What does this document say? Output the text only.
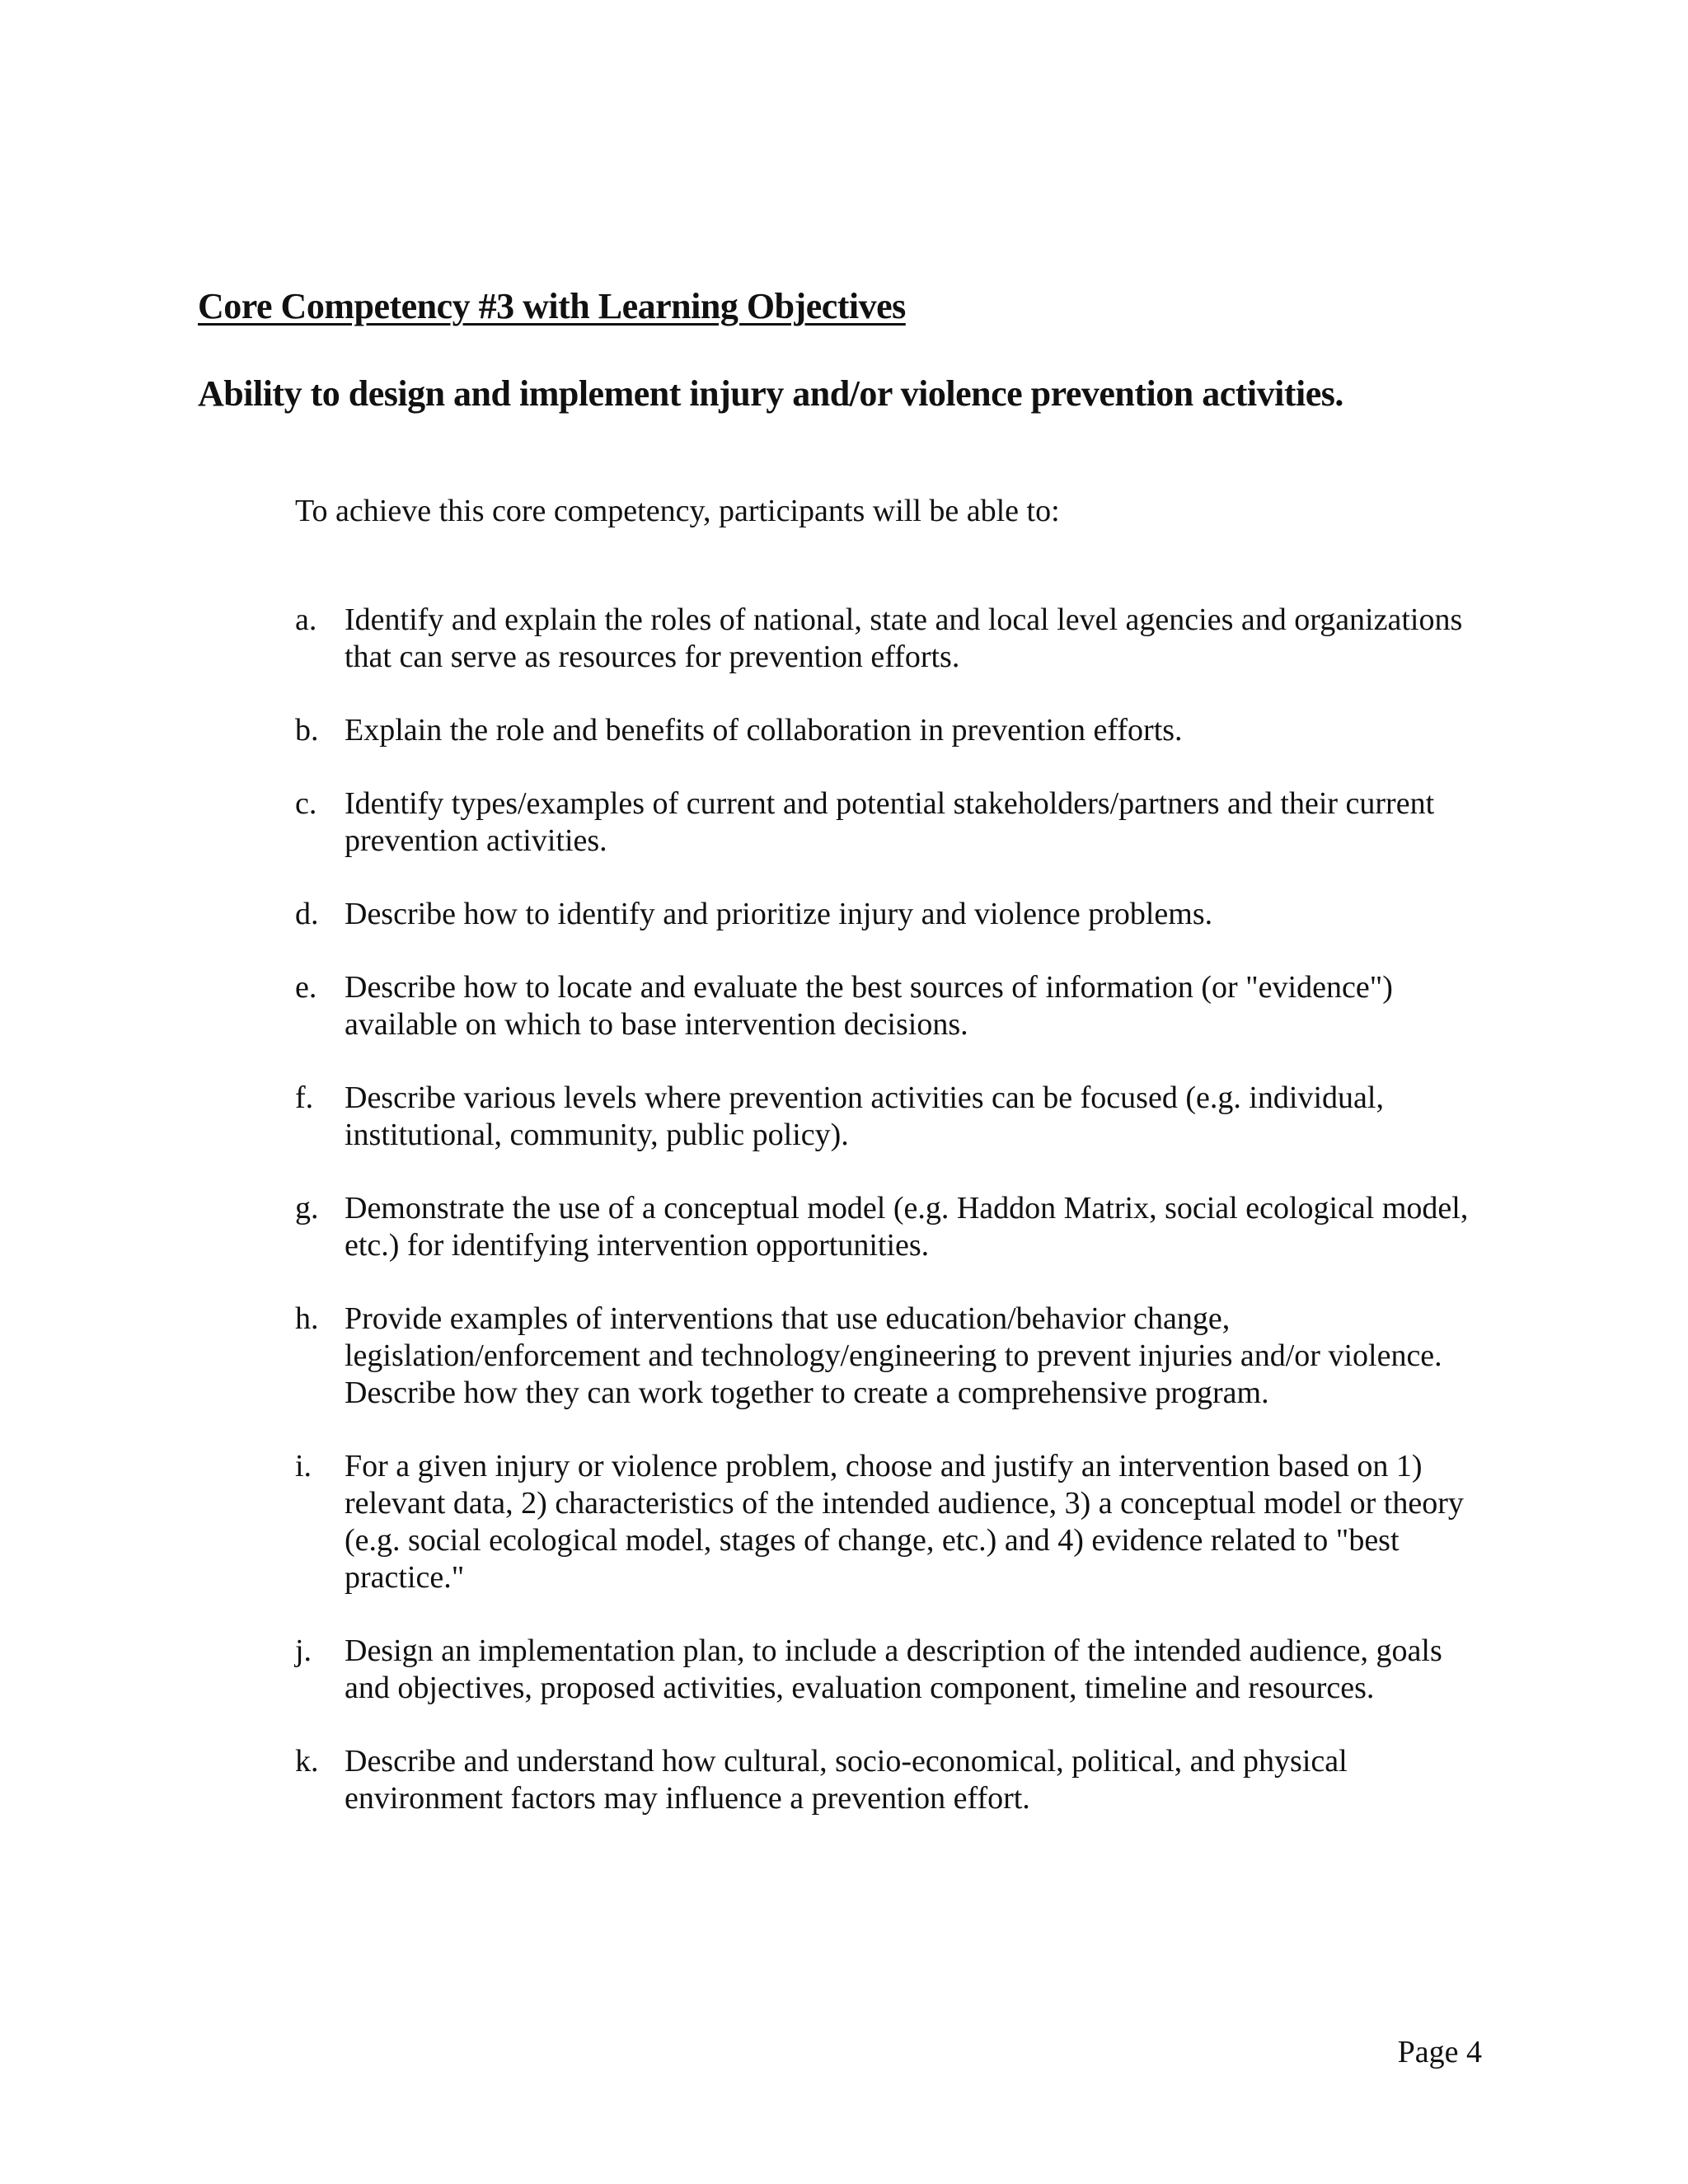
Core Competency #3 with Learning Objectives
Ability to design and implement injury and/or violence prevention activities.
To achieve this core competency, participants will be able to:
a. Identify and explain the roles of national, state and local level agencies and organizations that can serve as resources for prevention efforts.
b. Explain the role and benefits of collaboration in prevention efforts.
c. Identify types/examples of current and potential stakeholders/partners and their current prevention activities.
d. Describe how to identify and prioritize injury and violence problems.
e. Describe how to locate and evaluate the best sources of information (or "evidence") available on which to base intervention decisions.
f. Describe various levels where prevention activities can be focused (e.g. individual, institutional, community, public policy).
g. Demonstrate the use of a conceptual model (e.g. Haddon Matrix, social ecological model, etc.) for identifying intervention opportunities.
h. Provide examples of interventions that use education/behavior change, legislation/enforcement and technology/engineering to prevent injuries and/or violence. Describe how they can work together to create a comprehensive program.
i.	For a given injury or violence problem, choose and justify an intervention based on 1) relevant data, 2) characteristics of the intended audience, 3) a conceptual model or theory (e.g. social ecological model, stages of change, etc.) and 4) evidence related to "best practice."
j.	Design an implementation plan, to include a description of the intended audience, goals and objectives, proposed activities, evaluation component, timeline and resources.
k. Describe and understand how cultural, socio-economical, political, and physical environment factors may influence a prevention effort.
Page 4
